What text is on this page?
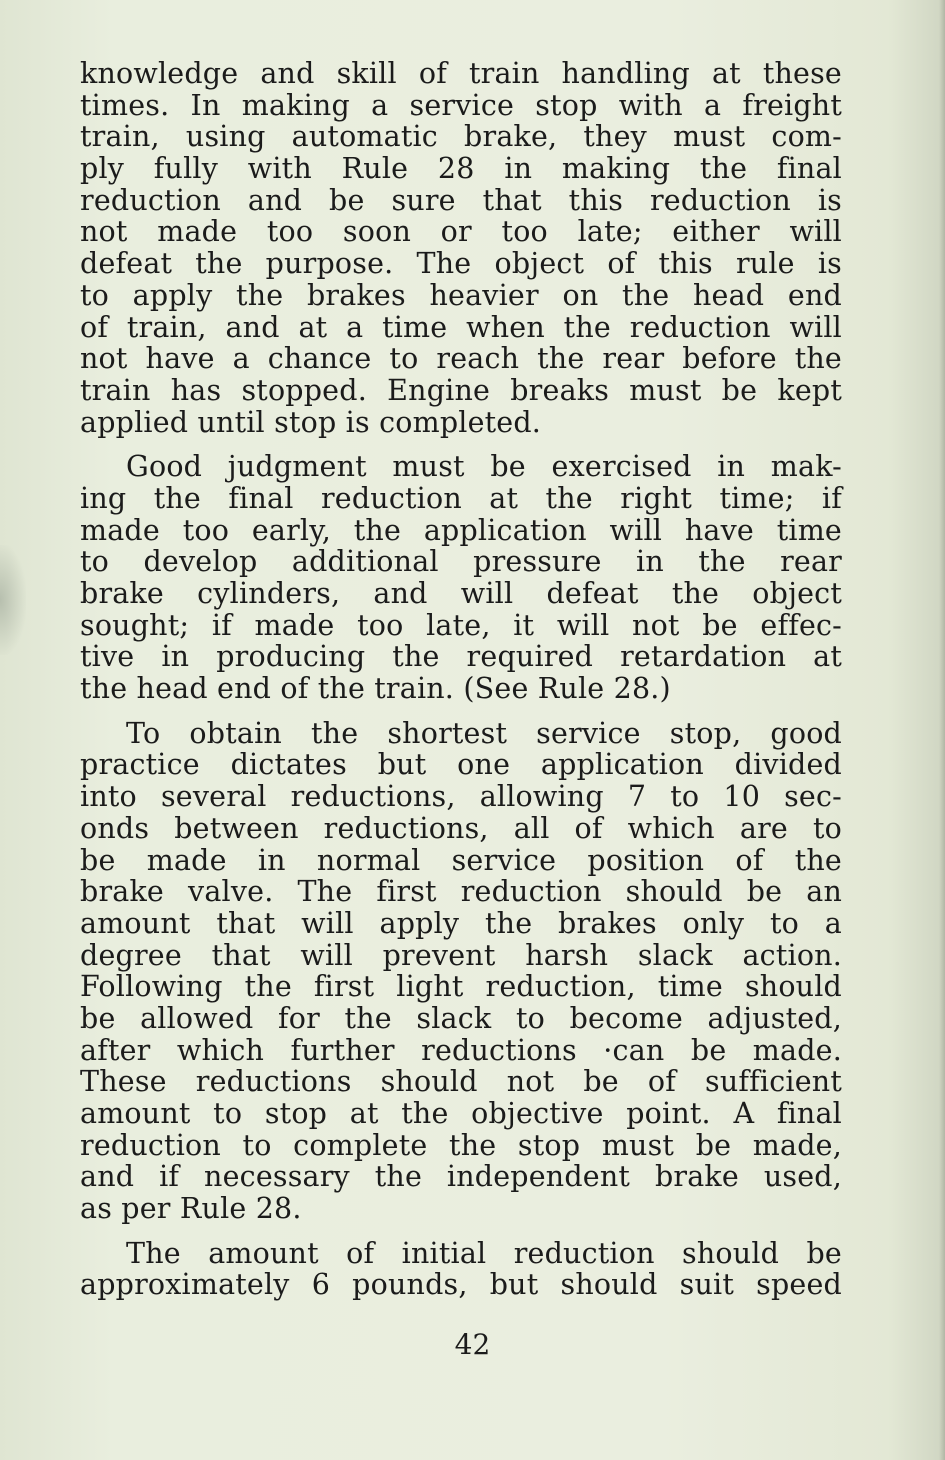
knowledge and skill of train handling at these
times. In making a service stop with a freight
train, using automatic brake, they must com-
ply fully with Rule 28 in making the final
reduction and be sure that this reduction is
not made too soon or too late; either will
defeat the purpose. The object of this rule is
to apply the brakes heavier on the head end
of train, and at a time when the reduction will
not have a chance to reach the rear before the
train has stopped. Engine breaks must be kept
applied until stop is completed.
Good judgment must be exercised in mak-
ing the final reduction at the right time; if
made too early, the application will have time
to develop additional pressure in the rear
brake cylinders, and will defeat the object
sought; if made too late, it will not be effec-
tive in producing the required retardation at
the head end of the train. (See Rule 28.)
To obtain the shortest service stop, good
practice dictates but one application divided
into several reductions, allowing 7 to 10 sec-
onds between reductions, all of which are to
be made in normal service position of the
brake valve. The first reduction should be an
amount that will apply the brakes only to a
degree that will prevent harsh slack action.
Following the first light reduction, time should
be allowed for the slack to become adjusted,
after which further reductions ·can be made.
These reductions should not be of sufficient
amount to stop at the objective point. A final
reduction to complete the stop must be made,
and if necessary the independent brake used,
as per Rule 28.
The amount of initial reduction should be
approximately 6 pounds, but should suit speed
42
